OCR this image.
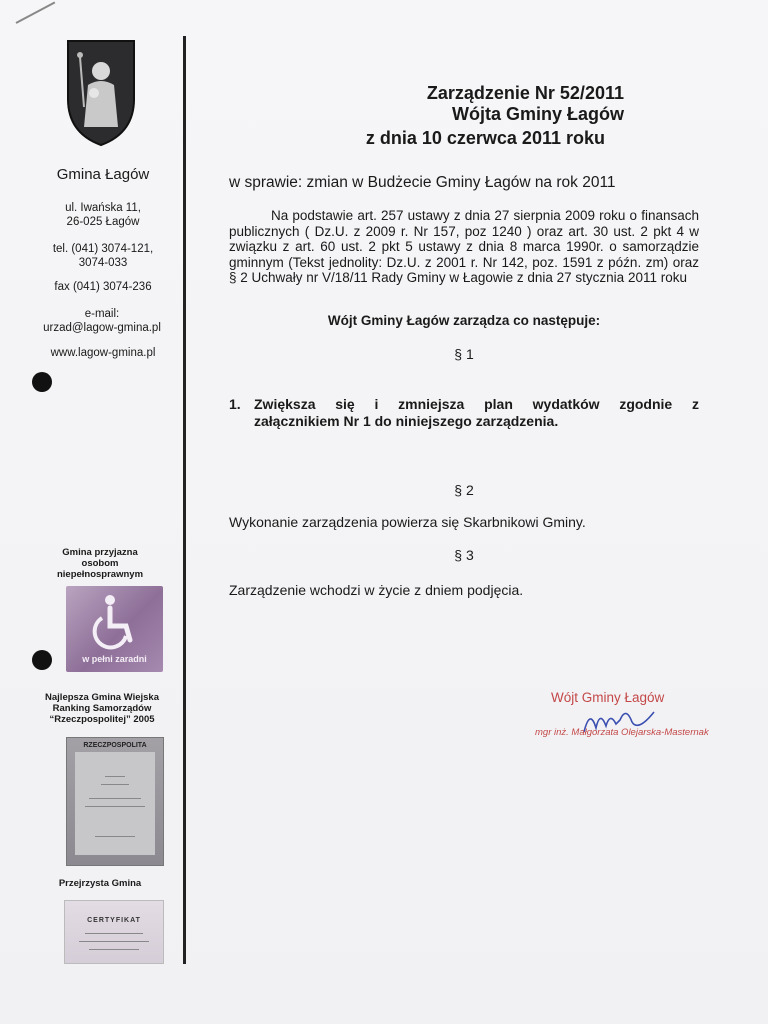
Gmina Łagów
ul. Iwańska 11,
26-025 Łagów
tel. (041) 3074-121,
3074-033
fax (041) 3074-236
e-mail:
urzad@lagow-gmina.pl
www.lagow-gmina.pl
Gmina przyjazna
osobom
niepełnosprawnym
w pełni zaradni
Najlepsza Gmina Wiejska
Ranking Samorządów
“Rzeczpospolitej” 2005
RZECZPOSPOLITA
Przejrzysta Gmina
CERTYFIKAT
Zarządzenie Nr 52/2011
Wójta Gminy Łagów
z dnia 10 czerwca 2011 roku
w sprawie: zmian w Budżecie Gminy Łagów na rok 2011
Na podstawie art. 257 ustawy z dnia 27 sierpnia 2009 roku o finansach publicznych ( Dz.U. z 2009 r. Nr 157, poz 1240 ) oraz art. 30 ust. 2 pkt 4 w związku z art. 60 ust. 2 pkt 5 ustawy z dnia 8 marca 1990r. o samorządzie gminnym (Tekst jednolity: Dz.U. z 2001 r. Nr 142, poz. 1591 z późn. zm) oraz § 2 Uchwały nr V/18/11 Rady Gminy w Łagowie z dnia 27 stycznia 2011 roku
Wójt Gminy Łagów zarządza co następuje:
§ 1
1. Zwiększa się i zmniejsza plan wydatków zgodnie z
załącznikiem Nr 1 do niniejszego zarządzenia.
§ 2
Wykonanie zarządzenia powierza się Skarbnikowi Gminy.
§ 3
Zarządzenie wchodzi w życie z dniem podjęcia.
Wójt Gminy Łagów
mgr inż. Małgorzata Olejarska-Masternak
